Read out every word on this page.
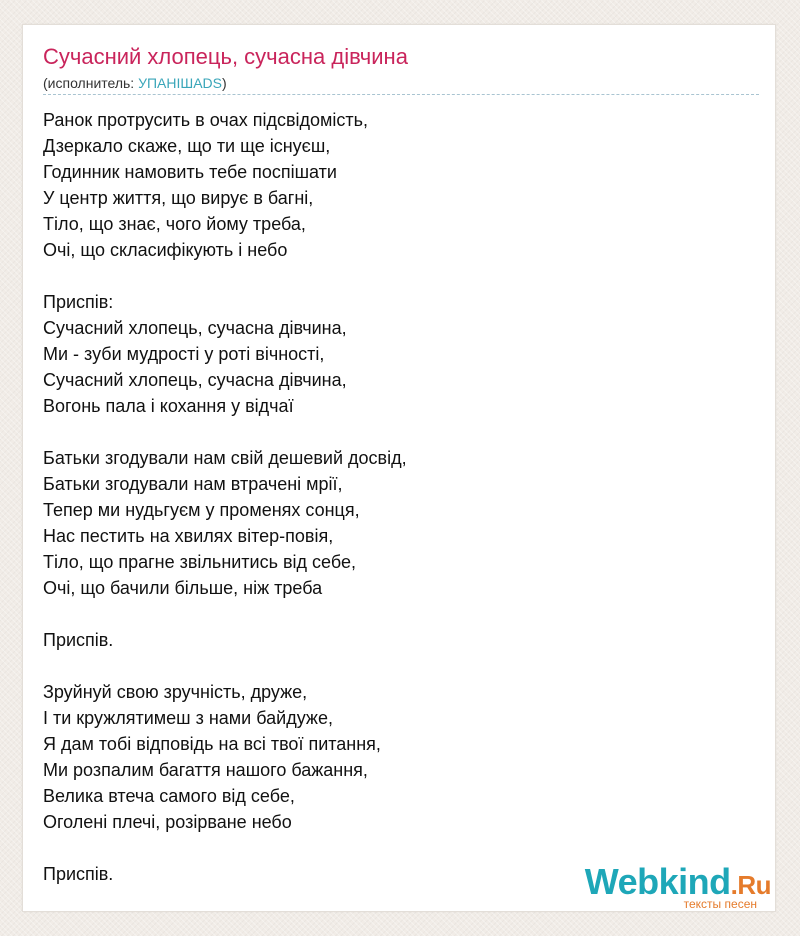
Сучасний хлопець, сучасна дівчина
(исполнитель: УПАНІШADS)
Ранок протрусить в очах підсвідомість,
Дзеркало скаже, що ти ще існуєш,
Годинник намовить тебе поспішати
У центр життя, що вирує в багні,
Тіло, що знає, чого йому треба,
Очі, що скласифікують і небо
Приспів:
Сучасний хлопець, сучасна дівчина,
Ми - зуби мудрості у роті вічності,
Сучасний хлопець, сучасна дівчина,
Вогонь пала і кохання у відчаї
Батьки згодували нам свій дешевий досвід,
Батьки згодували нам втрачені мрії,
Тепер ми нудьгуєм у променях сонця,
Нас пестить на хвилях вітер-повія,
Тіло, що прагне звільнитись від себе,
Очі, що бачили більше, ніж треба
Приспів.
Зруйнуй свою зручність, друже,
І ти кружлятимеш з нами байдуже,
Я дам тобі відповідь на всі твої питання,
Ми розпалим багаття нашого бажання,
Велика втеча самого від себе,
Оголені плечі, розірване небо
Приспів.	Webkind.Ru
тексты песен
